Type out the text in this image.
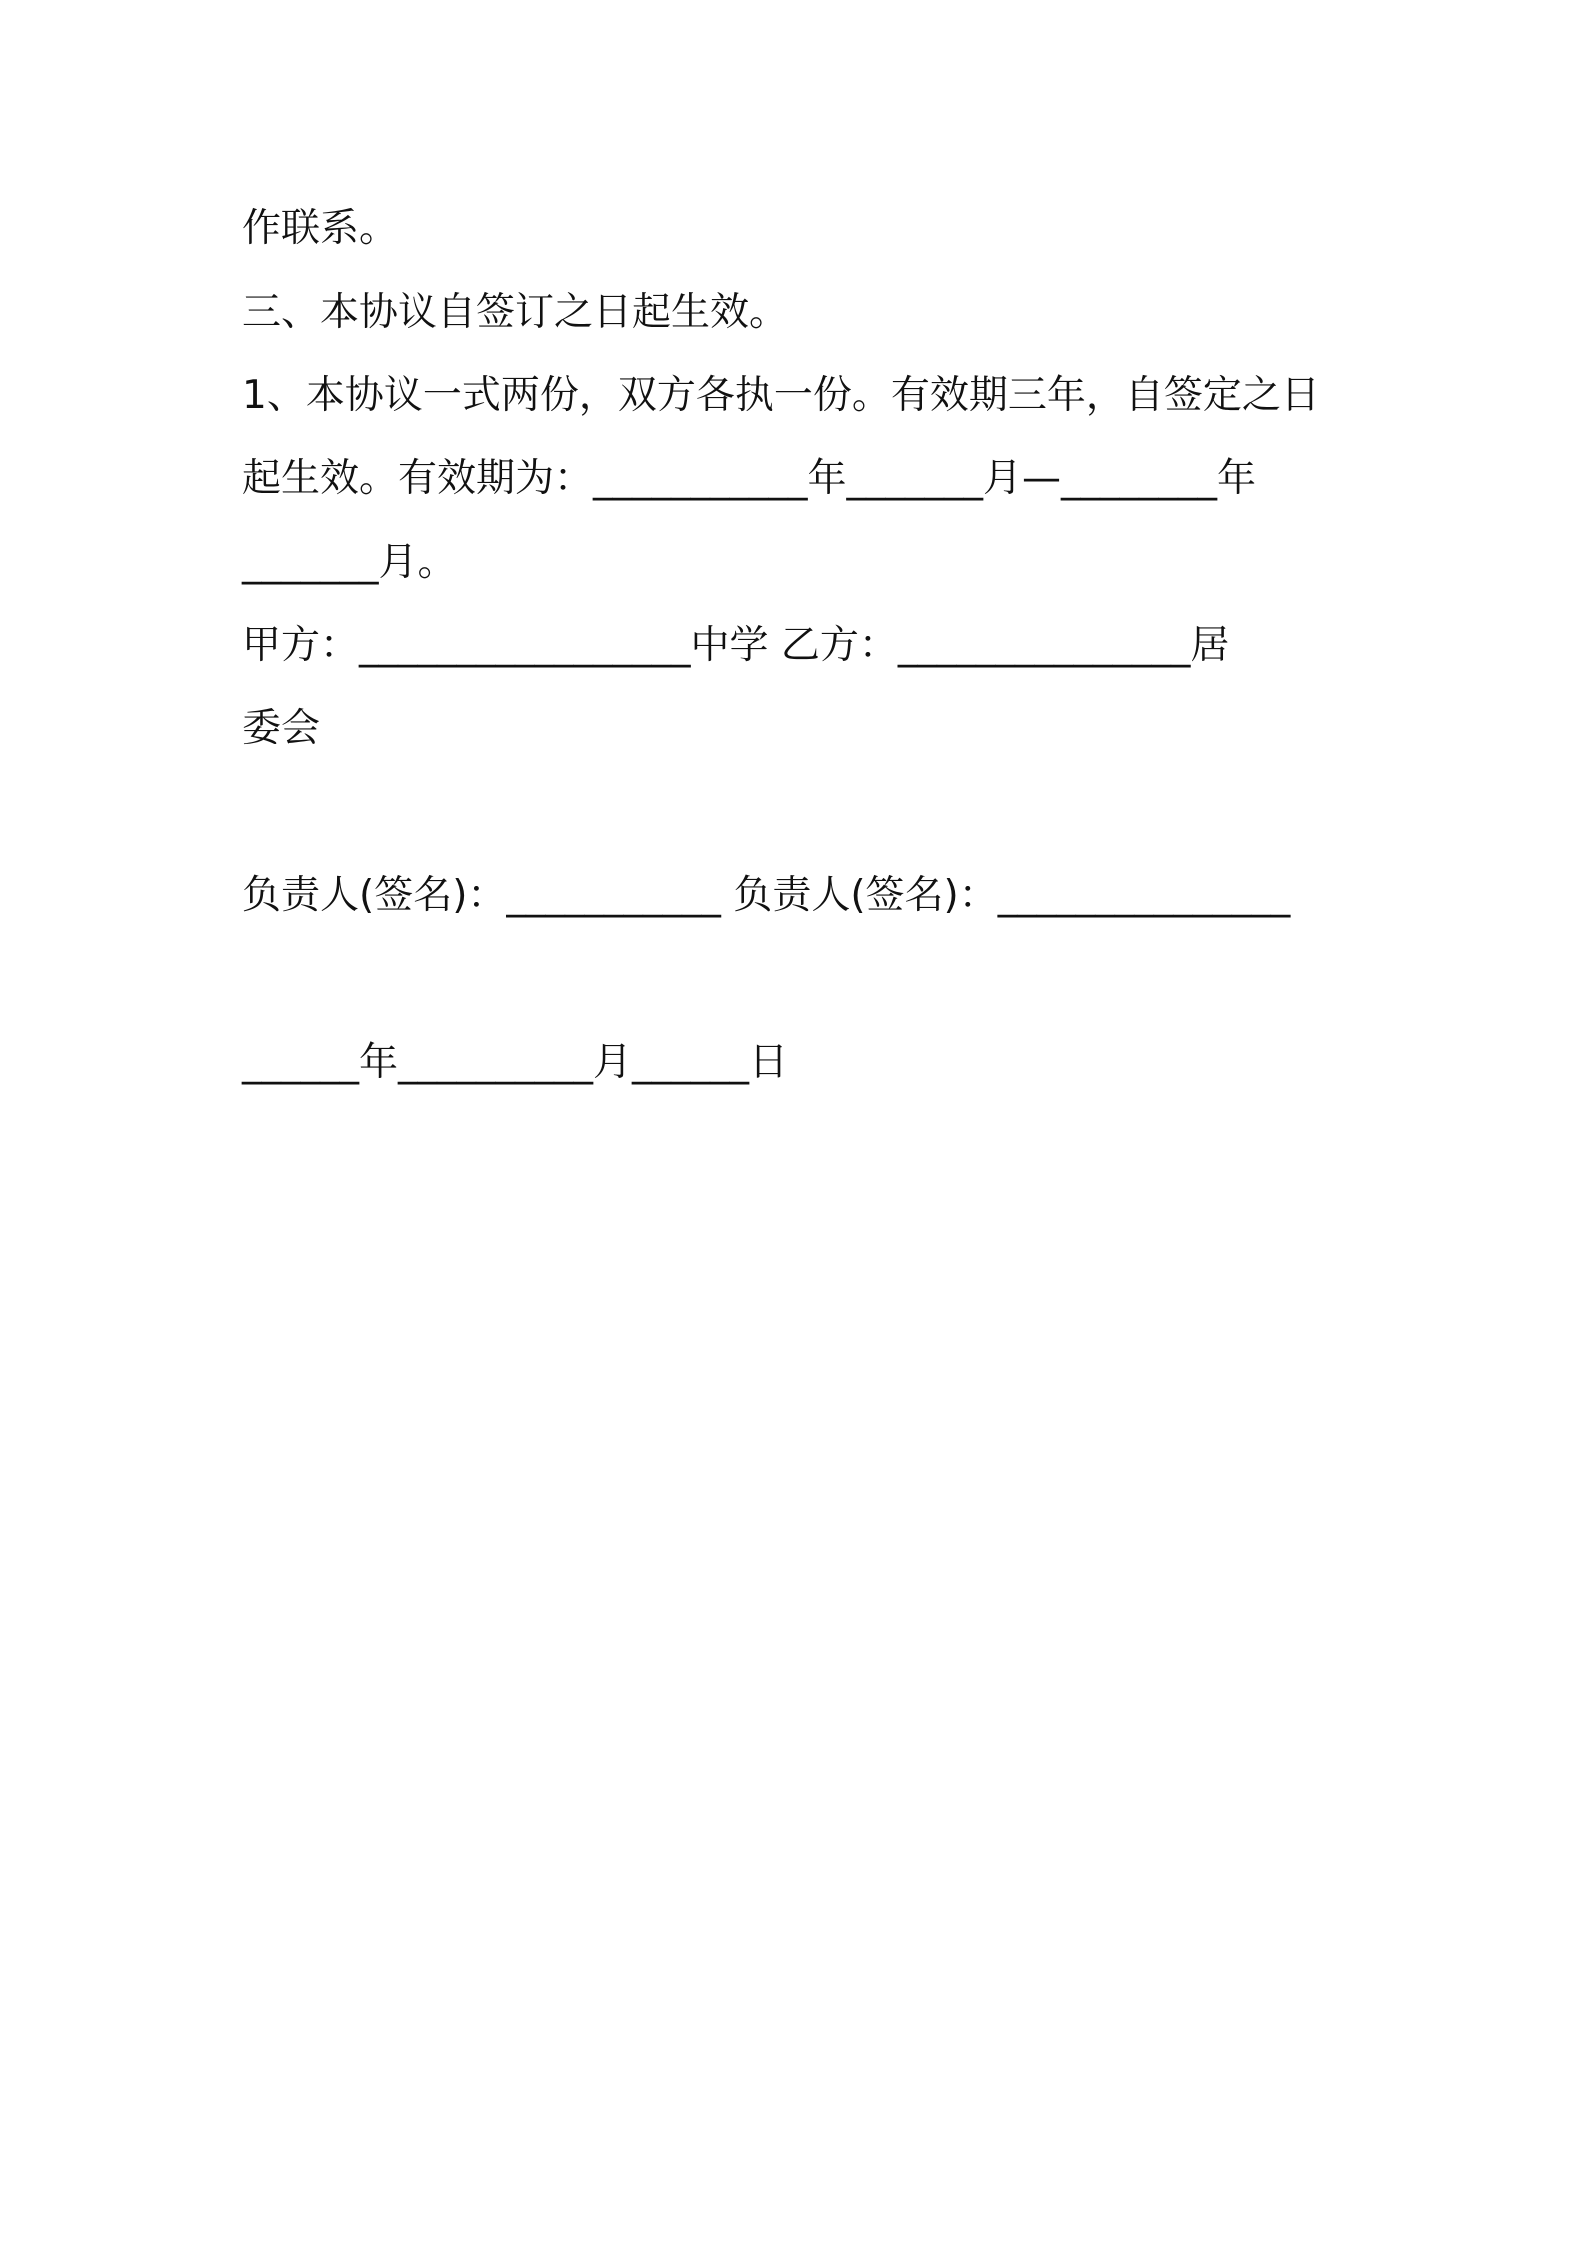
作联系。
三、本协议自签订之日起生效。
1、本协议一式两份，双方各执一份。有效期三年，自签定之日
起生效。有效期为：___________年_______月—________年
_______月。
甲方：_________________中学 乙方：_______________居
委会
负责人(签名)：___________ 负责人(签名)：_______________
______年__________月______日
